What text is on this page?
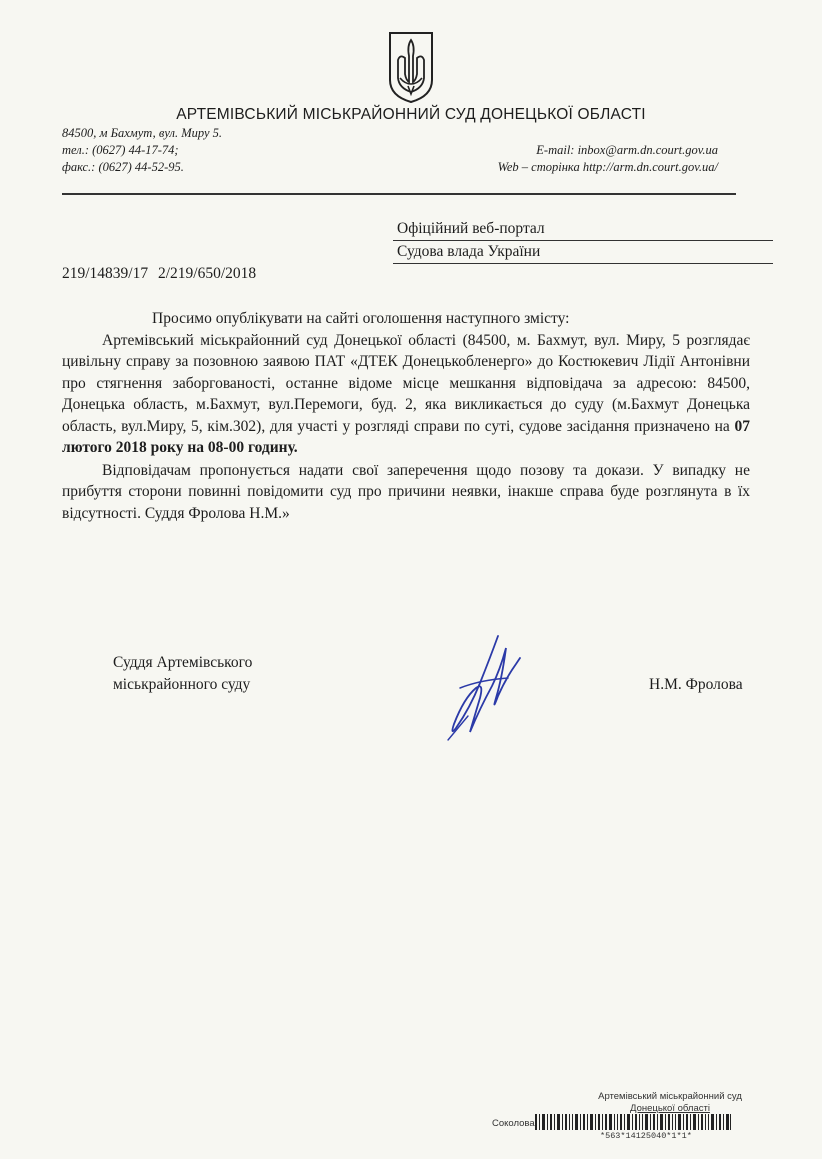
АРТЕМІВСЬКИЙ МІСЬКРАЙОННИЙ СУД ДОНЕЦЬКОЇ ОБЛАСТІ
84500, м Бахмут, вул. Миру 5.
тел.: (0627) 44-17-74;
факс.: (0627) 44-52-95.
E-mail: inbox@arm.dn.court.gov.ua
Web – сторінка http://arm.dn.court.gov.ua/
Офіційний веб-портал
Судова влада України
219/14839/17 2/219/650/2018

Просимо опублікувати на сайті оголошення наступного змісту:

Артемівський міськрайонний суд Донецької області (84500, м. Бахмут, вул. Миру, 5 розглядає цивільну справу за позовною заявою ПАТ «ДТЕК Донецькобленерго» до Костюкевич Лідії Антонівни про стягнення заборгованості, останне відоме місце мешкання відповідача за адресою: 84500, Донецька область, м.Бахмут, вул.Перемоги, буд. 2, яка викликається до суду (м.Бахмут Донецька область, вул.Миру, 5, кім.302), для участі у розгляді справи по суті, судове засідання призначено на 07 лютого 2018 року на 08-00 годину.

Відповідачам пропонується надати свої заперечення щодо позову та докази. У випадку не прибуття сторони повинні повідомити суд про причини неявки, інакше справа буде розглянута в їх відсутності. Суддя Фролова Н.М.»

Суддя Артемівського
міськрайонного суду	Н.М. Фролова
Артемівський міськрайонний суд
Донецької області
Соколова
*563*14125040*1*1*
